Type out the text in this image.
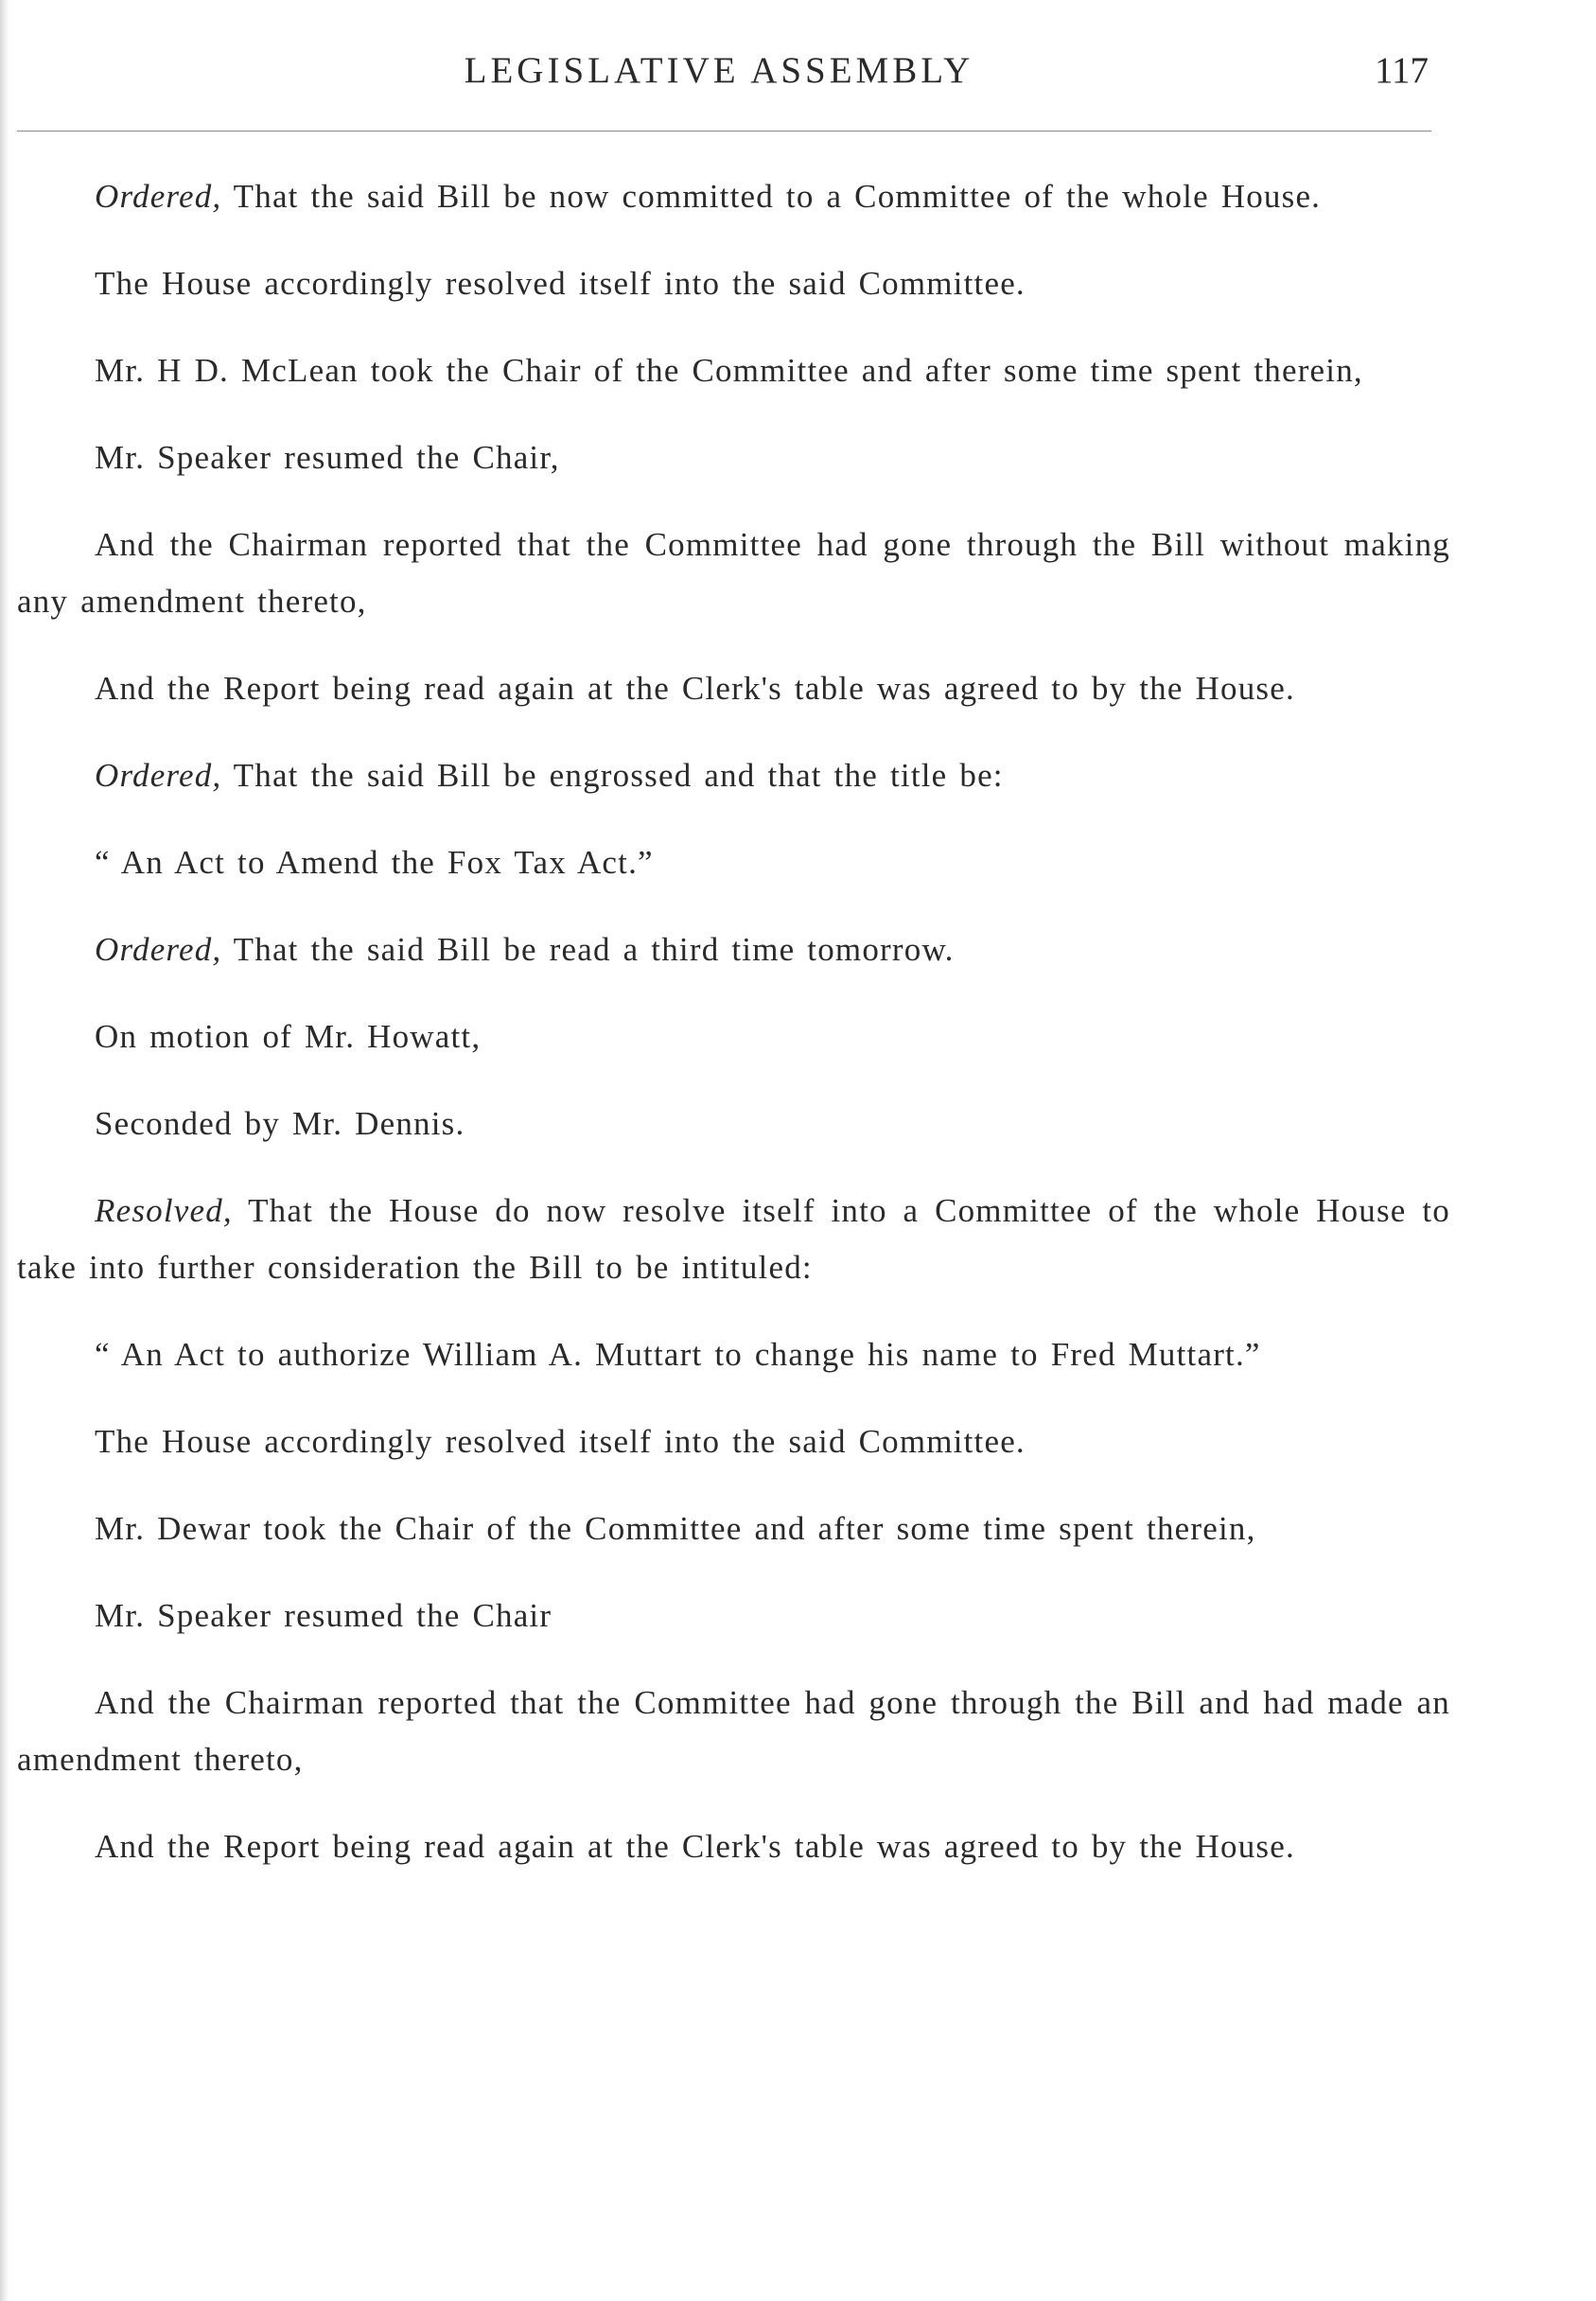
LEGISLATIVE ASSEMBLY	117

Ordered, That the said Bill be now committed to a Committee of the whole House.

The House accordingly resolved itself into the said Committee.

Mr. H D. McLean took the Chair of the Committee and after some time spent therein,

Mr. Speaker resumed the Chair,

And the Chairman reported that the Committee had gone through the Bill without making any amendment thereto,

And the Report being read again at the Clerk's table was agreed to by the House.

Ordered, That the said Bill be engrossed and that the title be:

“ An Act to Amend the Fox Tax Act.”

Ordered, That the said Bill be read a third time tomorrow.

On motion of Mr. Howatt,

Seconded by Mr. Dennis.

Resolved, That the House do now resolve itself into a Committee of the whole House to take into further consideration the Bill to be intituled:

“ An Act to authorize William A. Muttart to change his name to Fred Muttart.”

The House accordingly resolved itself into the said Committee.

Mr. Dewar took the Chair of the Committee and after some time spent therein,

Mr. Speaker resumed the Chair

And the Chairman reported that the Committee had gone through the Bill and had made an amendment thereto,

And the Report being read again at the Clerk's table was agreed to by the House.
